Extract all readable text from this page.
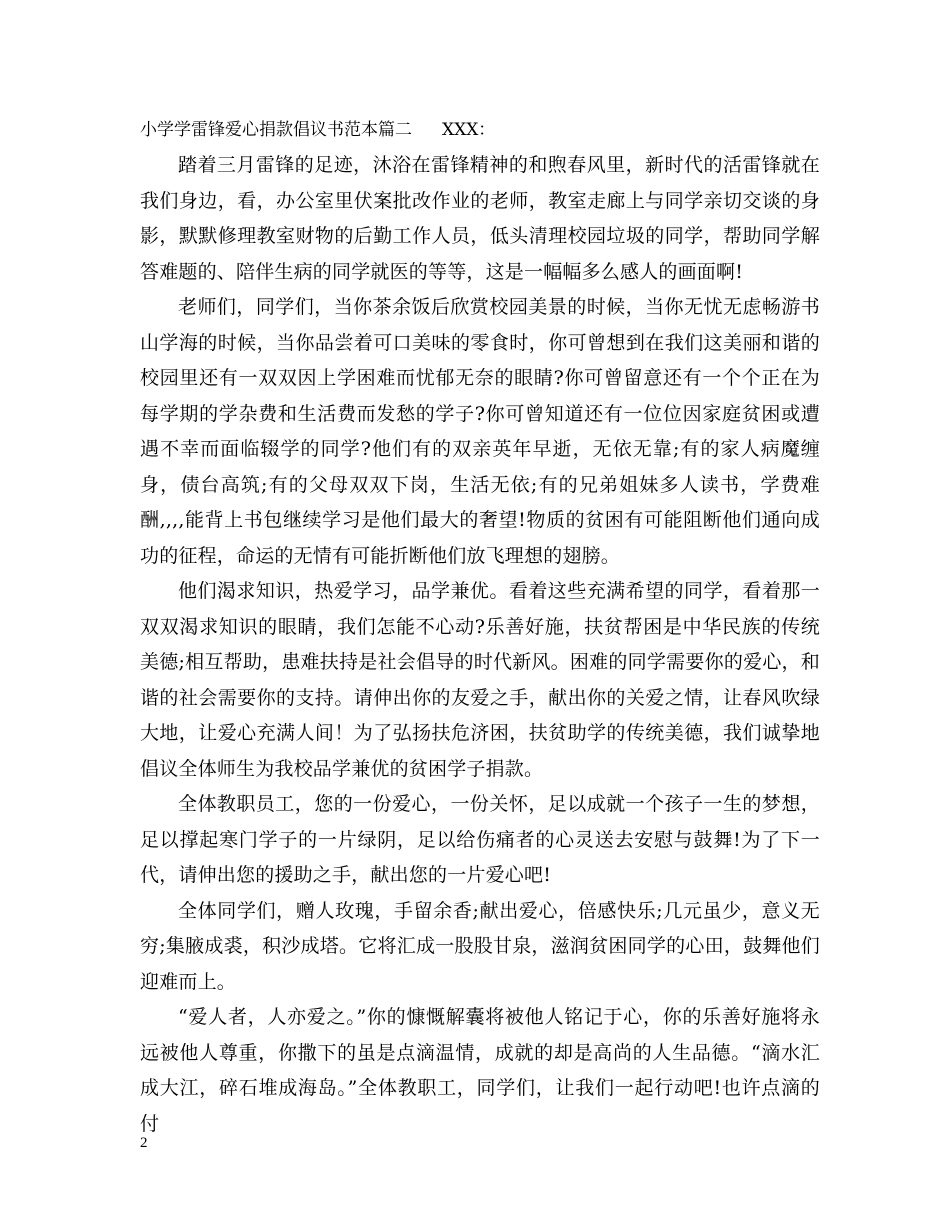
小学学雷锋爱心捐款倡议书范本篇二 XXX：

踏着三月雷锋的足迹，沐浴在雷锋精神的和煦春风里，新时代的活雷锋就在我们身边，看，办公室里伏案批改作业的老师，教室走廊上与同学亲切交谈的身影，默默修理教室财物的后勤工作人员，低头清理校园垃圾的同学，帮助同学解答难题的、陪伴生病的同学就医的等等，这是一幅幅多么感人的画面啊!

老师们，同学们，当你茶余饭后欣赏校园美景的时候，当你无忧无虑畅游书山学海的时候，当你品尝着可口美味的零食时，你可曾想到在我们这美丽和谐的校园里还有一双双因上学困难而忧郁无奈的眼睛?你可曾留意还有一个个正在为每学期的学杂费和生活费而发愁的学子?你可曾知道还有一位位因家庭贫困或遭遇不幸而面临辍学的同学?他们有的双亲英年早逝，无依无靠;有的家人病魔缠身，债台高筑;有的父母双双下岗，生活无依;有的兄弟姐妹多人读书，学费难酬,,,,能背上书包继续学习是他们最大的奢望!物质的贫困有可能阻断他们通向成功的征程，命运的无情有可能折断他们放飞理想的翅膀。

他们渴求知识，热爱学习，品学兼优。看着这些充满希望的同学，看着那一双双渴求知识的眼睛，我们怎能不心动?乐善好施，扶贫帮困是中华民族的传统美德;相互帮助，患难扶持是社会倡导的时代新风。困难的同学需要你的爱心，和谐的社会需要你的支持。请伸出你的友爱之手，献出你的关爱之情，让春风吹绿大地，让爱心充满人间！为了弘扬扶危济困，扶贫助学的传统美德，我们诚挚地倡议全体师生为我校品学兼优的贫困学子捐款。

全体教职员工，您的一份爱心，一份关怀，足以成就一个孩子一生的梦想，足以撑起寒门学子的一片绿阴，足以给伤痛者的心灵送去安慰与鼓舞!为了下一代，请伸出您的援助之手，献出您的一片爱心吧!

全体同学们，赠人玫瑰，手留余香;献出爱心，倍感快乐;几元虽少，意义无穷;集腋成裘，积沙成塔。它将汇成一股股甘泉，滋润贫困同学的心田，鼓舞他们迎难而上。

“爱人者，人亦爱之。”你的慷慨解囊将被他人铭记于心，你的乐善好施将永远被他人尊重，你撒下的虽是点滴温情，成就的却是高尚的人生品德。“滴水汇成大江，碎石堆成海岛。”全体教职工，同学们，让我们一起行动吧!也许点滴的付

2
